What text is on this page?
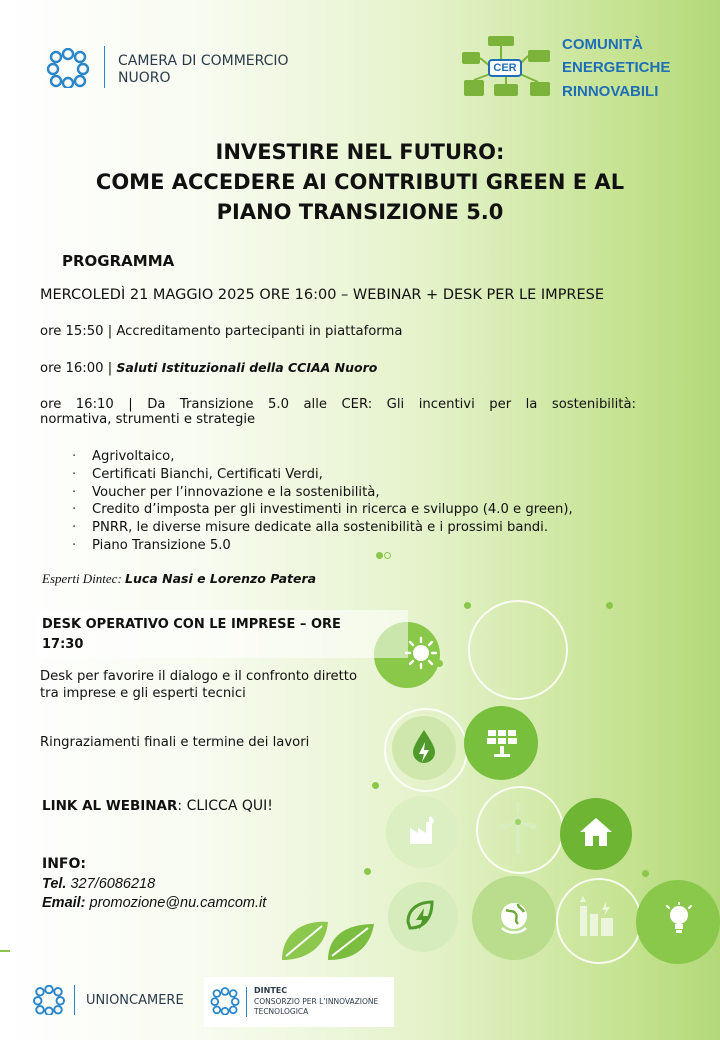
CAMERA DI COMMERCIO
NUORO
CER
COMUNITÀ
ENERGETICHE
RINNOVABILI
INVESTIRE NEL FUTURO:
COME ACCEDERE AI CONTRIBUTI GREEN E AL
PIANO TRANSIZIONE 5.0
PROGRAMMA
MERCOLEDÌ 21 MAGGIO 2025 ORE 16:00 – WEBINAR + DESK PER LE IMPRESE
ore 15:50 | Accreditamento partecipanti in piattaforma
ore 16:00 | Saluti Istituzionali della CCIAA Nuoro
ore 16:10 | Da Transizione 5.0 alle CER: Gli incentivi per la sostenibilità:
normativa, strumenti e strategie
· Agrivoltaico,
· Certificati Bianchi, Certificati Verdi,
· Voucher per l’innovazione e la sostenibilità,
· Credito d’imposta per gli investimenti in ricerca e sviluppo (4.0 e green),
· PNRR, le diverse misure dedicate alla sostenibilità e i prossimi bandi.
· Piano Transizione 5.0
Esperti Dintec: Luca Nasi e Lorenzo Patera
DESK OPERATIVO CON LE IMPRESE – ORE
17:30
Desk per favorire il dialogo e il confronto diretto
tra imprese e gli esperti tecnici
Ringraziamenti finali e termine dei lavori
LINK AL WEBINAR: CLICCA QUI!
INFO:
Tel. 327/6086218
Email: promozione@nu.camcom.it
UNIONCAMERE
DINTEC
CONSORZIO PER L’INNOVAZIONE
TECNOLOGICA
